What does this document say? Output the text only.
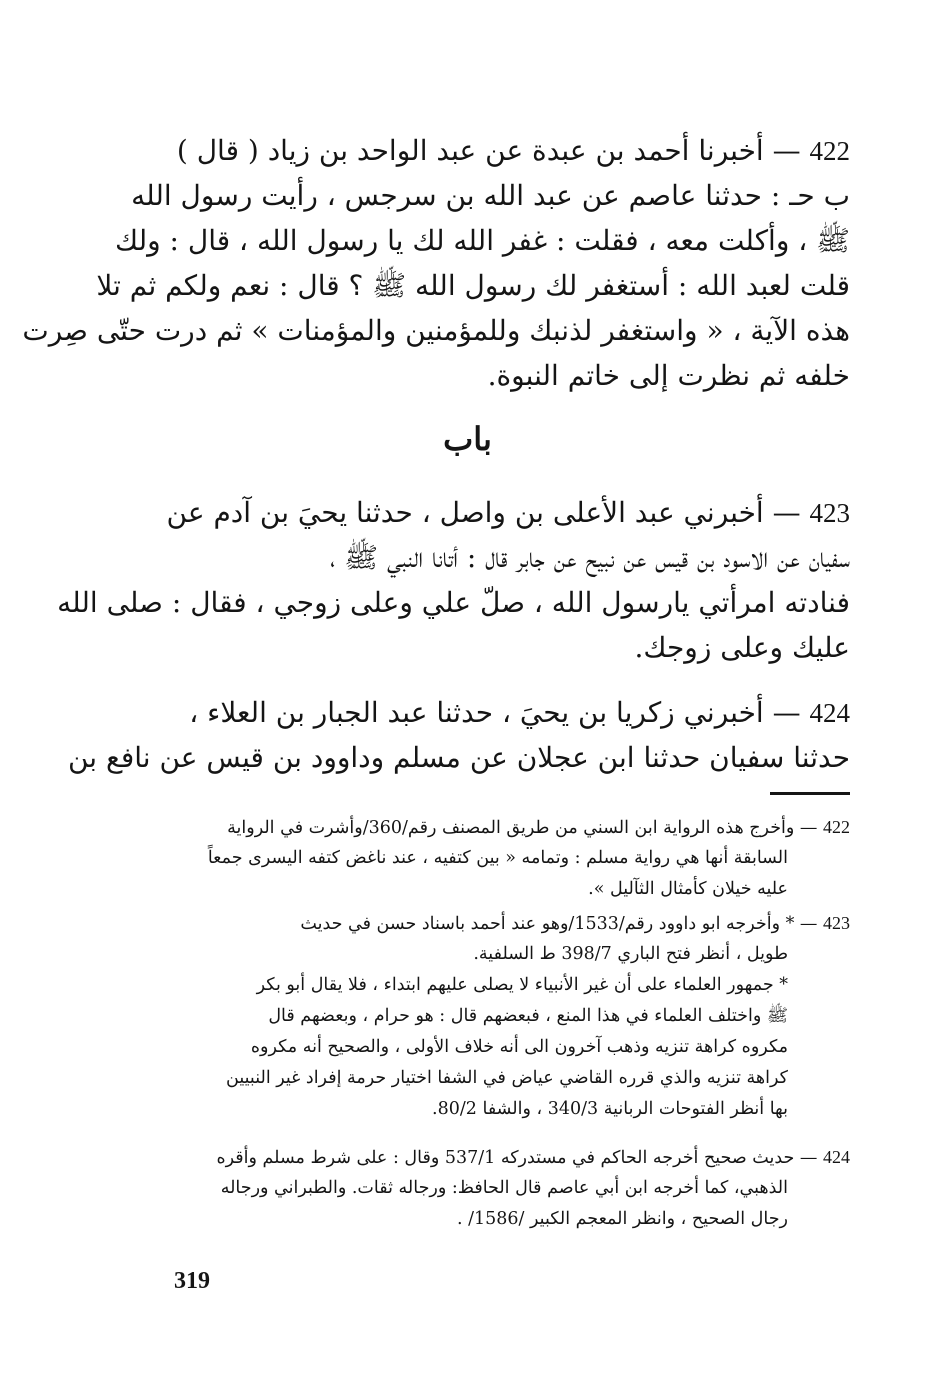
422 — أخبرنا أحمد بن عبدة عن عبد الواحد بن زياد ( قال )
ب حـ : حدثنا عاصم عن عبد الله بن سرجس ، رأيت رسول الله
ﷺ ، وأكلت معه ، فقلت : غفر الله لك يا رسول الله ، قال : ولك
قلت لعبد الله : أستغفر لك رسول الله ﷺ ؟ قال : نعم ولكم ثم تلا
هذه الآية ، « واستغفر لذنبك وللمؤمنين والمؤمنات » ثم درت حتّى صِرت
خلفه ثم نظرت إلى خاتم النبوة.
باب
423 — أخبرني عبد الأعلى بن واصل ، حدثنا يحيَ بن آدم عن
سفيان عن الاسود بن قيس عن نبيح عن جابر قال : أتانا النبي ﷺ ،
فنادته امرأتي يارسول الله ، صلّ علي وعلى زوجي ، فقال : صلى الله
عليك وعلى زوجك.
424 — أخبرني زكريا بن يحيَ ، حدثنا عبد الجبار بن العلاء ،
حدثنا سفيان حدثنا ابن عجلان عن مسلم وداوود بن قيس عن نافع بن
422 — وأخرج هذه الرواية ابن السني من طريق المصنف رقم/360/وأشرت في الرواية
السابقة أنها هي رواية مسلم : وتمامه « بين كتفيه ، عند ناغض كتفه اليسرى جمعاً
عليه خيلان كأمثال الثآليل ».
423 — * وأخرجه ابو داوود رقم/1533/وهو عند أحمد باسناد حسن في حديث
طويل ، أنظر فتح الباري 398/7 ط السلفية.
* جمهور العلماء على أن غير الأنبياء لا يصلى عليهم ابتداء ، فلا يقال أبو بكر
ﷺ واختلف العلماء في هذا المنع ، فبعضهم قال : هو حرام ، وبعضهم قال
مكروه كراهة تنزيه وذهب آخرون الى أنه خلاف الأولى ، والصحيح أنه مكروه
كراهة تنزيه والذي قرره القاضي عياض في الشفا اختيار حرمة إفراد غير النبيين
بها أنظر الفتوحات الربانية 340/3 ، والشفا 80/2.
424 — حديث صحيح أخرجه الحاكم في مستدركه 537/1 وقال : على شرط مسلم وأقره
الذهبي، كما أخرجه ابن أبي عاصم قال الحافظ: ورجاله ثقات. والطبراني ورجاله
رجال الصحيح ، وانظر المعجم الكبير /1586/ .
319
